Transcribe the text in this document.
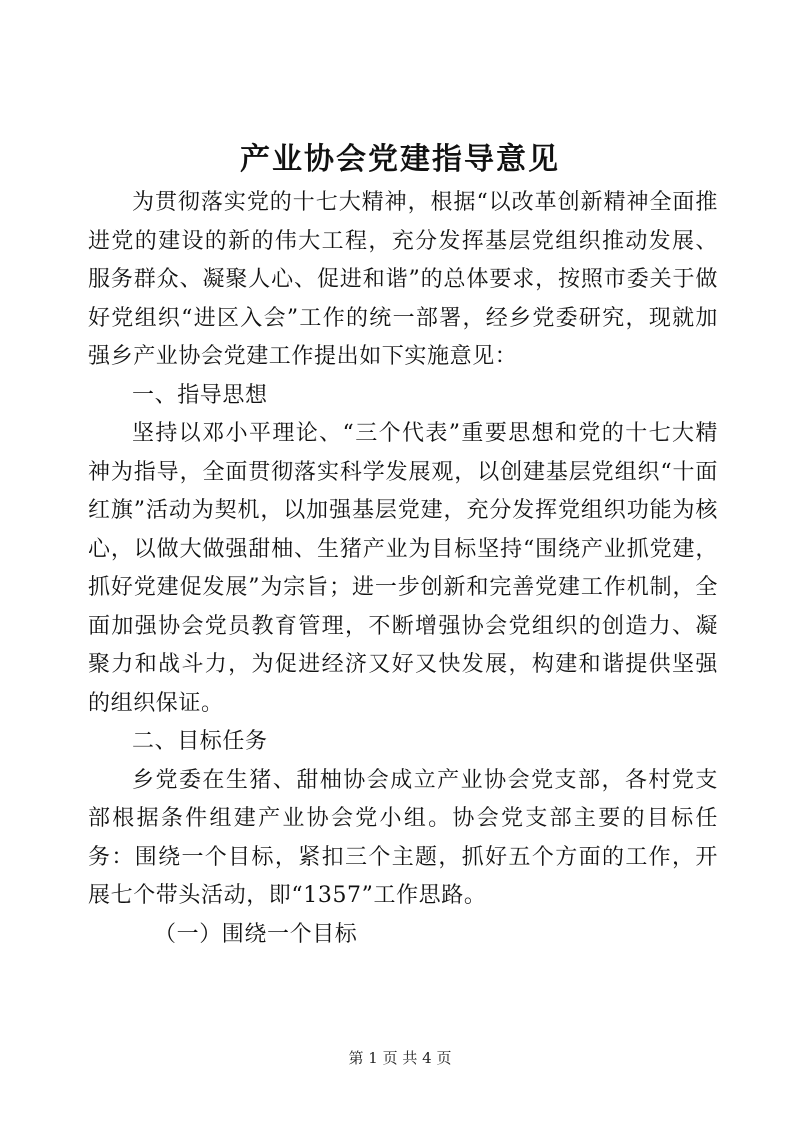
产业协会党建指导意见

为贯彻落实党的十七大精神，根据“以改革创新精神全面推进党的建设的新的伟大工程，充分发挥基层党组织推动发展、服务群众、凝聚人心、促进和谐”的总体要求，按照市委关于做好党组织“进区入会”工作的统一部署，经乡党委研究，现就加强乡产业协会党建工作提出如下实施意见：

一、指导思想

坚持以邓小平理论、“三个代表”重要思想和党的十七大精神为指导，全面贯彻落实科学发展观，以创建基层党组织“十面红旗”活动为契机，以加强基层党建，充分发挥党组织功能为核心，以做大做强甜柚、生猪产业为目标坚持“围绕产业抓党建，抓好党建促发展”为宗旨；进一步创新和完善党建工作机制，全面加强协会党员教育管理，不断增强协会党组织的创造力、凝聚力和战斗力，为促进经济又好又快发展，构建和谐提供坚强的组织保证。

二、目标任务

乡党委在生猪、甜柚协会成立产业协会党支部，各村党支部根据条件组建产业协会党小组。协会党支部主要的目标任务：围绕一个目标，紧扣三个主题，抓好五个方面的工作，开展七个带头活动，即“1357”工作思路。

（一）围绕一个目标

第 1 页 共 4 页
